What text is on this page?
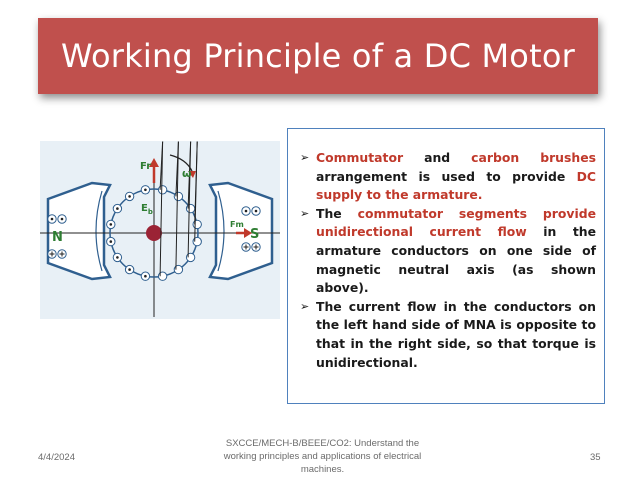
Working Principle of a DC Motor
Fr
ω
$E_b$
Fm
N	S
➢ Commutator and carbon brushes arrangement is used to provide DC supply to the armature.
➢ The commutator segments provide unidirectional current flow in the armature conductors on one side of magnetic neutral axis (as shown above).
➢ The current flow in the conductors on the left hand side of MNA is opposite to that in the right side, so that torque is unidirectional.
4/4/2024
SXCCE/MECH-B/BEEE/CO2: Understand the working principles and applications of electrical machines.
35
